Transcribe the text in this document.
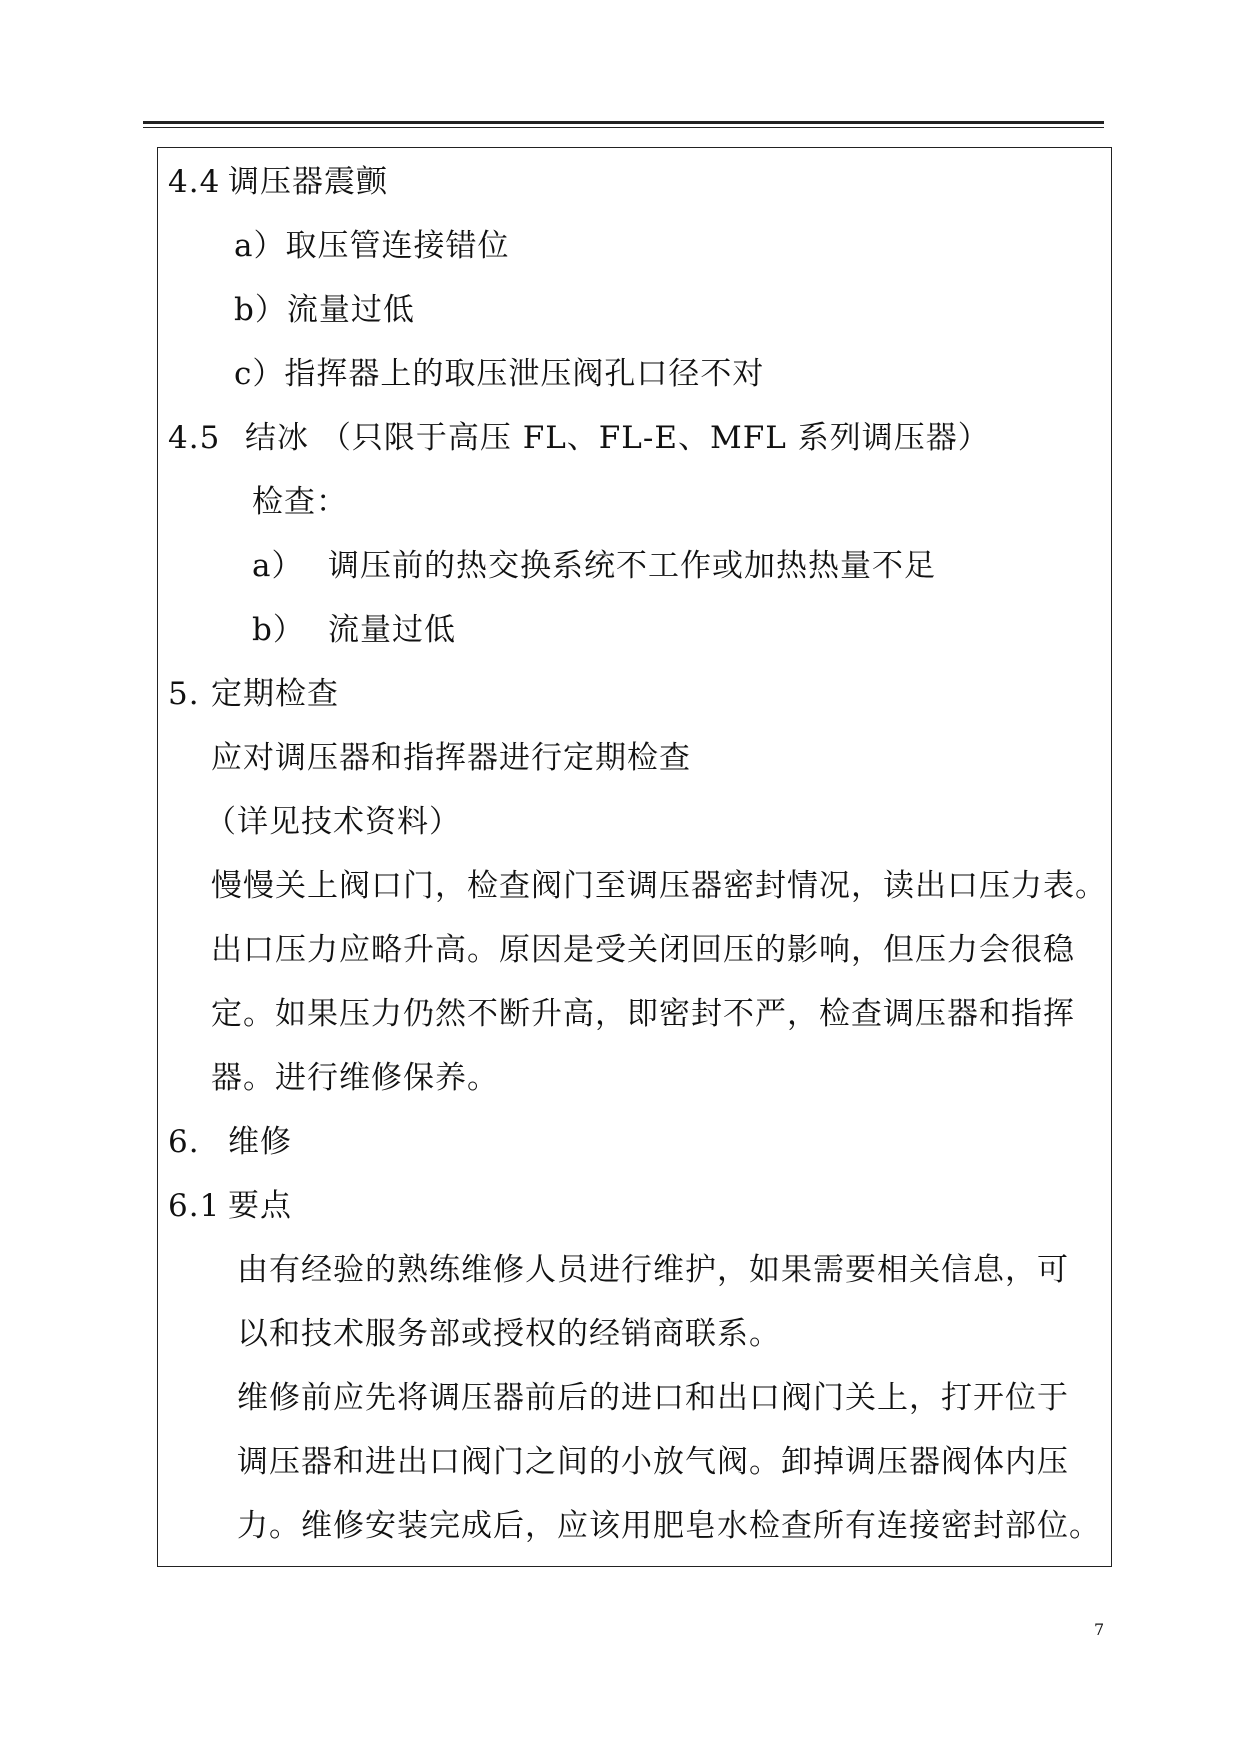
4.4 调压器震颤
a）取压管连接错位
b）流量过低
c）指挥器上的取压泄压阀孔口径不对
4.5 结冰 （只限于高压 FL、FL-E、MFL 系列调压器）
检查：
a） 调压前的热交换系统不工作或加热热量不足
b） 流量过低
5. 定期检查
应对调压器和指挥器进行定期检查
（详见技术资料）
慢慢关上阀口门，检查阀门至调压器密封情况，读出口压力表。
出口压力应略升高。原因是受关闭回压的影响，但压力会很稳
定。如果压力仍然不断升高，即密封不严，检查调压器和指挥
器。进行维修保养。
6. 维修
6.1 要点
由有经验的熟练维修人员进行维护，如果需要相关信息，可
以和技术服务部或授权的经销商联系。
维修前应先将调压器前后的进口和出口阀门关上，打开位于
调压器和进出口阀门之间的小放气阀。卸掉调压器阀体内压
力。维修安装完成后，应该用肥皂水检查所有连接密封部位。
7
